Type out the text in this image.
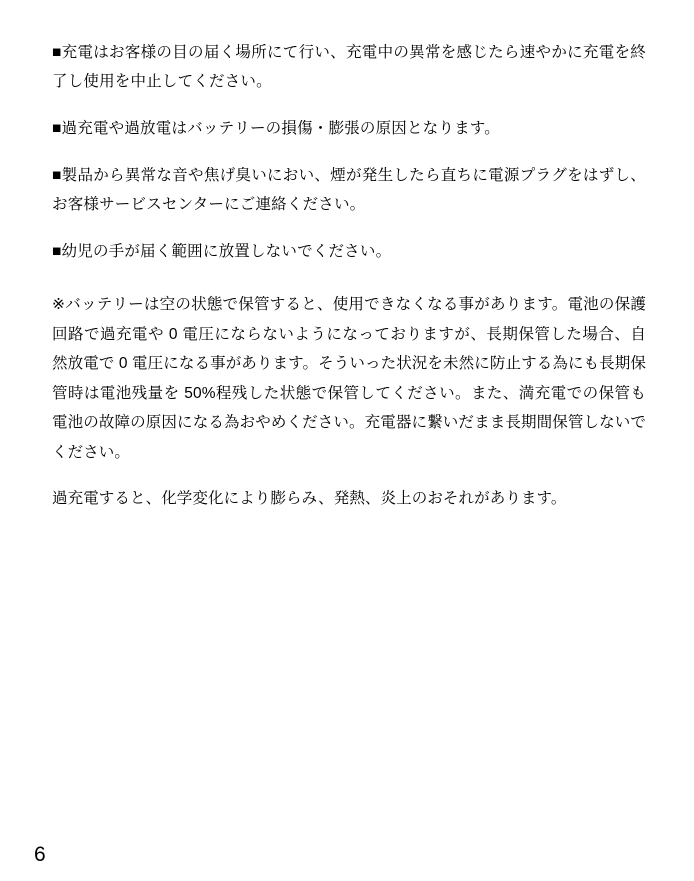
■充電はお客様の目の届く場所にて行い、充電中の異常を感じたら速やかに充電を終了し使用を中止してください。

■過充電や過放電はバッテリーの損傷・膨張の原因となります。

■製品から異常な音や焦げ臭いにおい、煙が発生したら直ちに電源プラグをはずし、お客様サービスセンターにご連絡ください。

■幼児の手が届く範囲に放置しないでください。

※バッテリーは空の状態で保管すると、使用できなくなる事があります。電池の保護回路で過充電や 0 電圧にならないようになっておりますが、長期保管した場合、自然放電で 0 電圧になる事があります。そういった状況を未然に防止する為にも長期保管時は電池残量を 50%程残した状態で保管してください。また、満充電での保管も電池の故障の原因になる為おやめください。充電器に繋いだまま長期間保管しないでください。

過充電すると、化学変化により膨らみ、発熱、炎上のおそれがあります。

6
